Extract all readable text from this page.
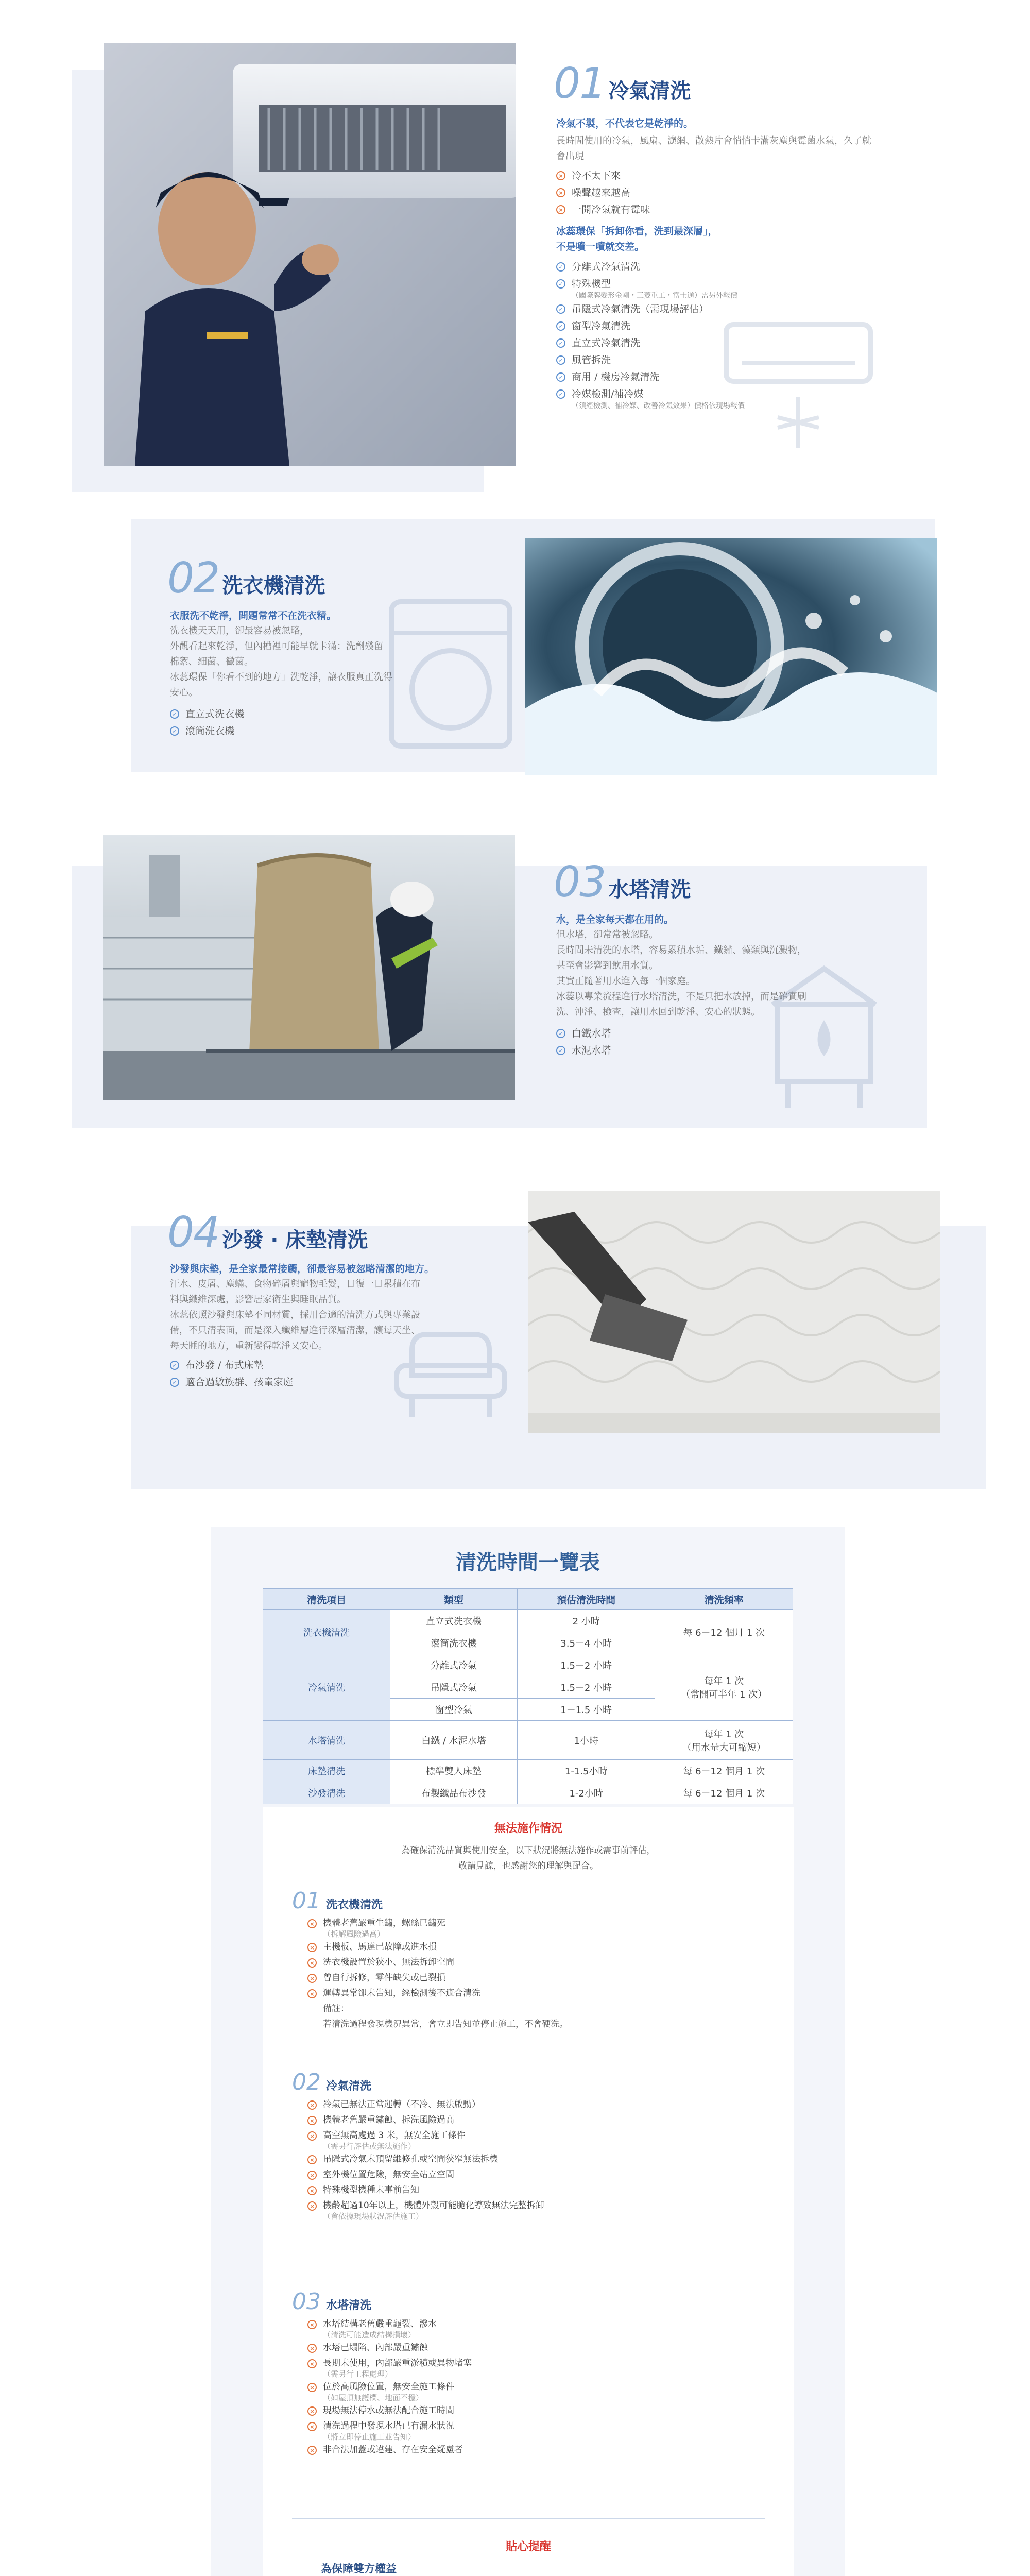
01 冷氣清洗
冷氣不製，不代表它是乾淨的。
長時間使用的冷氣，風扇、濾網、散熱片會悄悄卡滿灰塵與霉菌水氣，久了就會出現
× 冷不太下來
× 噪聲越來越高
× 一開冷氣就有霉味
冰蕊環保「拆卸你看，洗到最深層」，
不是噴一噴就交差。
✓ 分離式冷氣清洗
✓ 特殊機型
（國際牌變形金剛・三菱重工・富士通）需另外報價
✓ 吊隱式冷氣清洗（需現場評估）
✓ 窗型冷氣清洗
✓ 直立式冷氣清洗
✓ 風管拆洗
✓ 商用 / 機房冷氣清洗
✓ 冷媒檢測/補冷媒
（須經檢測、補冷媒、改善冷氣效果）價格依現場報價
02 洗衣機清洗
衣服洗不乾淨，問題常常不在洗衣精。

洗衣機天天用，卻最容易被忽略，

外觀看起來乾淨，但內槽裡可能早就卡滿：洗劑殘留

棉絮、細菌、黴菌。

冰蕊環保「你看不到的地方」洗乾淨，讓衣服真正洗得

安心。

✓ 直立式洗衣機
✓ 滾筒洗衣機
03 水塔清洗
水，是全家每天都在用的。

但水塔，卻常常被忽略。

長時間未清洗的水塔，容易累積水垢、鐵鏽、藻類與沉澱物，

甚至會影響到飲用水質。

其實正隨著用水進入每一個家庭。

冰蕊以專業流程進行水塔清洗，不是只把水放掉，而是確實刷

洗、沖淨、檢查，讓用水回到乾淨、安心的狀態。

✓ 白鐵水塔
✓ 水泥水塔
04 沙發 · 床墊清洗
沙發與床墊，是全家最常接觸，卻最容易被忽略清潔的地方。

汗水、皮屑、塵蟎、食物碎屑與寵物毛髮，日復一日累積在布

料與纖維深處，影響居家衛生與睡眠品質。

冰蕊依照沙發與床墊不同材質，採用合適的清洗方式與專業設

備，不只清表面，而是深入纖維層進行深層清潔，讓每天坐、

每天睡的地方，重新變得乾淨又安心。

✓ 布沙發 / 布式床墊
✓ 適合過敏族群、孩童家庭
清洗時間一覽表
清洗項目	類型	預估清洗時間	清洗頻率
洗衣機清洗	直立式洗衣機	2 小時	每 6－12 個月 1 次
	滾筒洗衣機	3.5－4 小時	
冷氣清洗	分離式冷氣	1.5－2 小時	每年 1 次
（常開可半年 1 次）

	吊隱式冷氣	1.5－2 小時	
	窗型冷氣	1－1.5 小時	
水塔清洗	白鐵 / 水泥水塔	1小時	每年 1 次
（用水量大可縮短）

床墊清洗	標準雙人床墊	1-1.5小時	每 6－12 個月 1 次
沙發清洗	布製纖品布沙發	1-2小時	每 6－12 個月 1 次
無法施作情況
為確保清洗品質與使用安全，以下狀況將無法施作或需事前評估，
敬請見諒，也感謝您的理解與配合。
01 洗衣機清洗
× 機體老舊嚴重生鏽，螺絲已鏽死
（拆解風險過高）
× 主機板、馬達已故障或進水損
× 洗衣機設置於狹小、無法拆卸空間
× 曾自行拆修，零件缺失或已裂損
× 運轉異常卻未告知，經檢測後不適合清洗
備註：
若清洗過程發現機況異常，會立即告知並停止施工，不會硬洗。
02 冷氣清洗
× 冷氣已無法正常運轉（不冷、無法啟動）
× 機體老舊嚴重鏽蝕、拆洗風險過高
× 高空無高處過 3 米，無安全施工條件
（需另行評估或無法施作）
× 吊隱式冷氣未預留維修孔或空間狹窄無法拆機
× 室外機位置危險，無安全站立空間
× 特殊機型機種未事前告知
× 機齡超過10年以上，機體外殼可能脆化導致無法完整拆卸
（會依據現場狀況評估施工）
03 水塔清洗
× 水塔結構老舊嚴重龜裂、滲水
（清洗可能造成結構損壞）
× 水塔已塌陷、內部嚴重鏽蝕
× 長期未使用，內部嚴重淤積或異物堵塞
（需另行工程處理）
× 位於高風險位置，無安全施工條件
（如屋頂無護欄、地面不穩）
× 現場無法停水或無法配合施工時間
× 清洗過程中發現水塔已有漏水狀況
（將立即停止施工並告知）
× 非合法加蓋或違建、存在安全疑慮者
貼心提醒
為保障雙方權益
